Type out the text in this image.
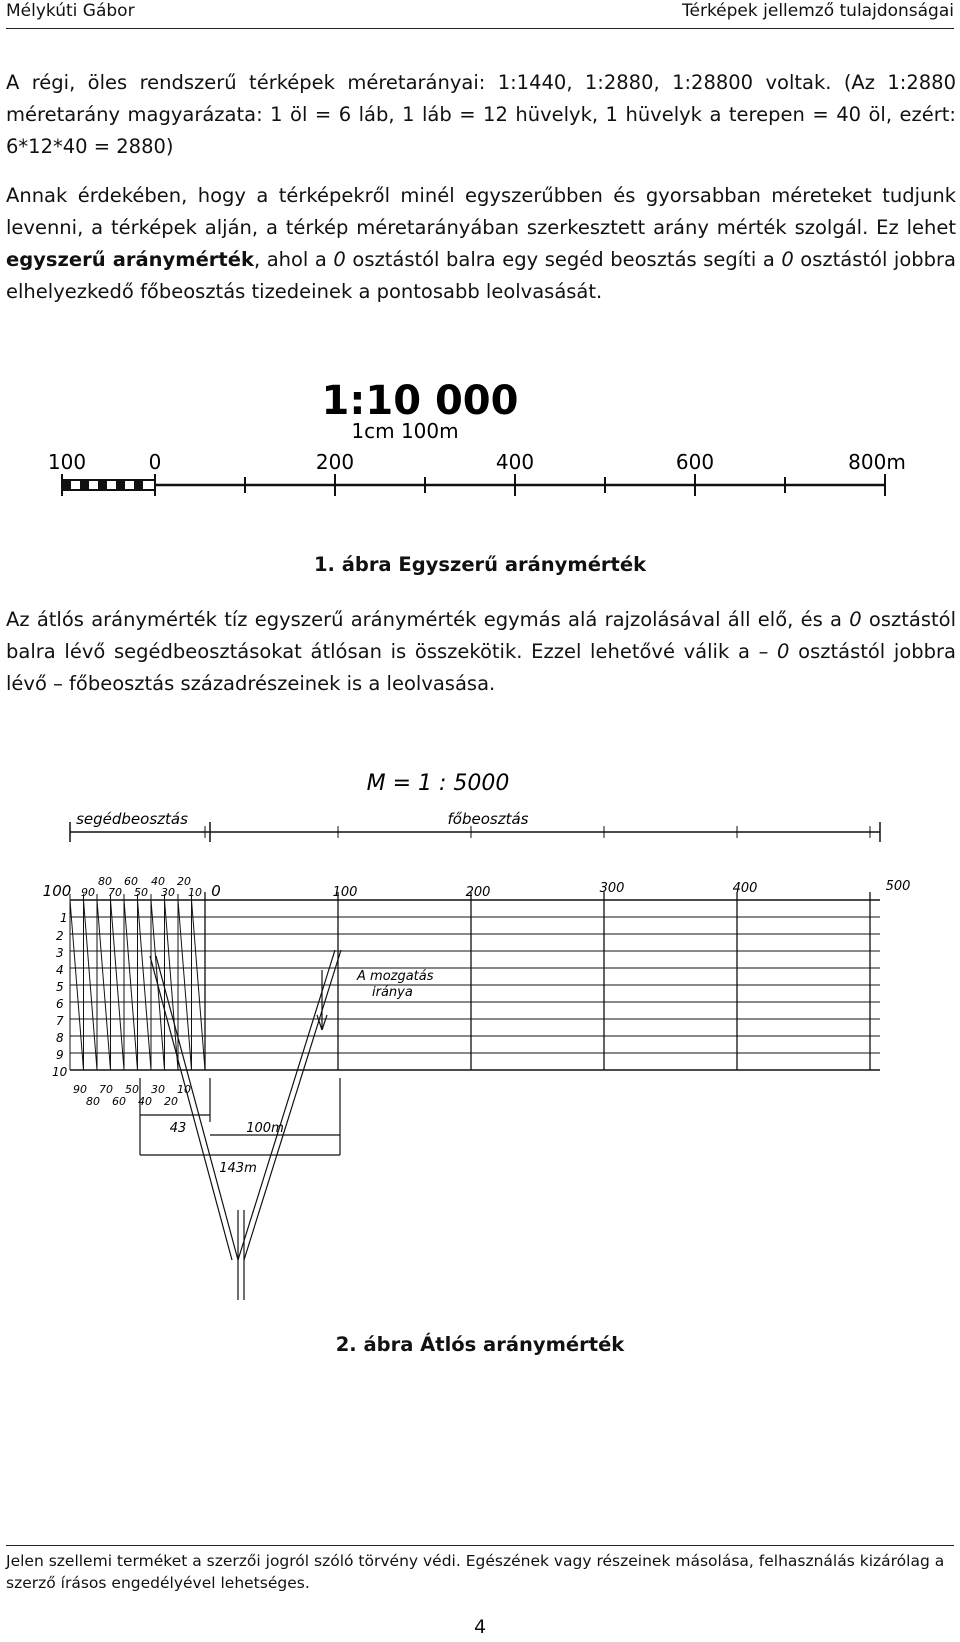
Mélykúti Gábor	Térképek jellemző tulajdonságai
A régi, öles rendszerű térképek méretarányai: 1:1440, 1:2880, 1:28800 voltak. (Az 1:2880 méretarány magyarázata: 1 öl = 6 láb, 1 láb = 12 hüvelyk, 1 hüvelyk a terepen = 40 öl, ezért: 6*12*40 = 2880)
Annak érdekében, hogy a térképekről minél egyszerűbben és gyorsabban méreteket tudjunk levenni, a térképek alján, a térkép méretarányában szerkesztett arány mérték szolgál. Ez lehet egyszerű aránymérték, ahol a 0 osztástól balra egy segéd beosztás segíti a 0 osztástól jobbra elhelyezkedő főbeosztás tizedeinek a pontosabb leolvasását.
1:10 000
1cm 100m
100	0	200	400	600	800m
1. ábra Egyszerű aránymérték
Az átlós aránymérték tíz egyszerű aránymérték egymás alá rajzolásával áll elő, és a 0 osztástól balra lévő segédbeosztásokat átlósan is összekötik. Ezzel lehetővé válik a – 0 osztástól jobbra lévő – főbeosztás századrészeinek is a leolvasása.
M = 1 : 5000
segédbeosztás	főbeosztás
100	0	100	200	300	400	500
80 60 40 20
90 70 50 30 10
1
2
3
4
5
6
7
8
9
10
90 70 50 30 10
80 60 40 20
A mozgatás
iránya
43	100m
143m
2. ábra Átlós aránymérték
Jelen szellemi terméket a szerzői jogról szóló törvény védi. Egészének vagy részeinek másolása, felhasználás kizárólag a szerző írásos engedélyével lehetséges.
4
